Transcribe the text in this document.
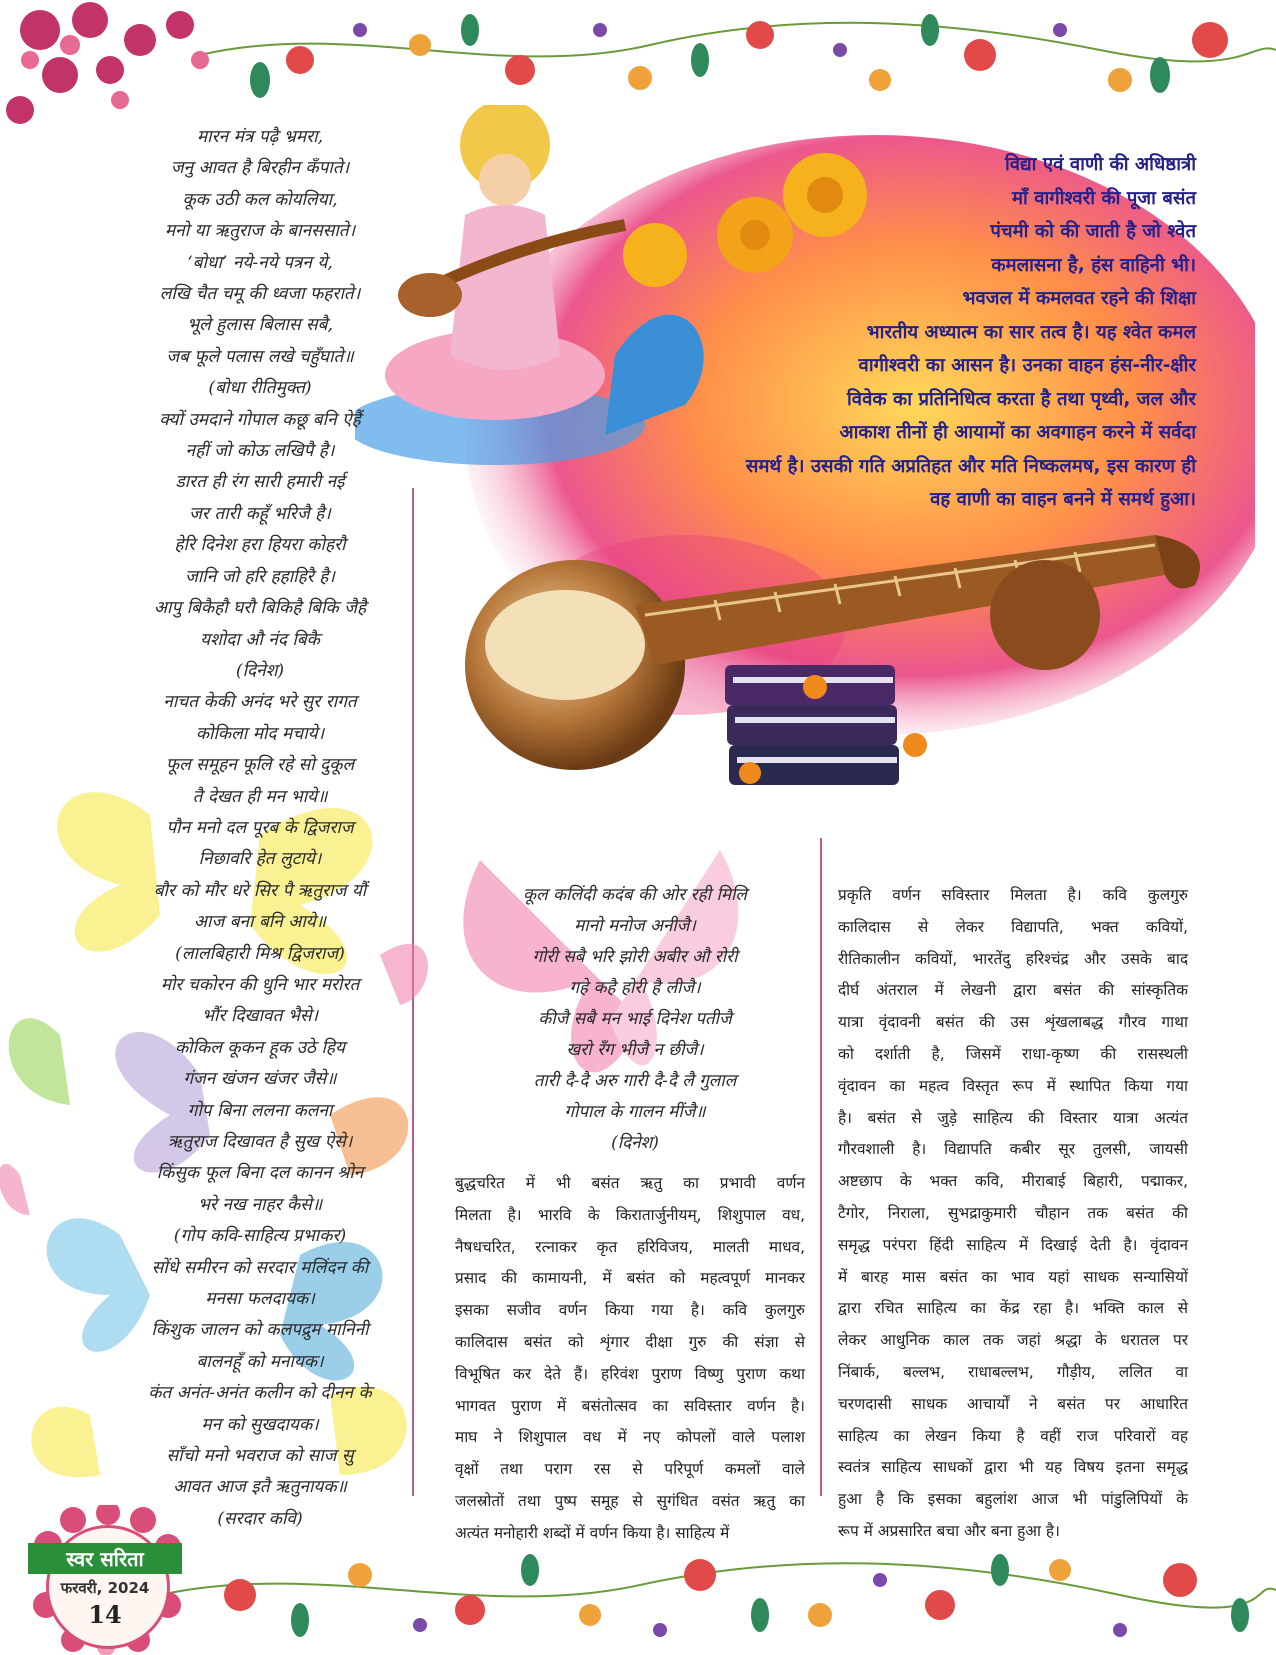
मारन मंत्र पढ़ै भ्रमरा,
जनु आवत है बिरहीन कँपाते।
कूक उठी कल कोयलिया,
मनो या ऋतुराज के बानससाते।
‘बोधा’ नये-नये पत्रन ये,
लखि चैत चमू की ध्वजा फहराते।
भूले हुलास बिलास सबै,
जब फूले पलास लखे चहुँघाते॥
(बोधा रीतिमुक्त)
क्यों उमदाने गोपाल कछू बनि ऐहैं
नहीं जो कोऊ लखिपै है।
डारत ही रंग सारी हमारी नई
जर तारी कहूँ भरिजै है।
हेरि दिनेश हरा हियरा कोहरौ
जानि जो हरि हहाहिरै है।
आपु बिकैहौ घरौ बिकिहै बिकि जैहै
यशोदा औ नंद बिकै
(दिनेश)
नाचत केकी अनंद भरे सुर रागत
कोकिला मोद मचाये।
फूल समूहन फूलि रहे सो दुकूल
तै देखत ही मन भाये॥
पौन मनो दल पूरब के द्विजराज
निछावरि हेत लुटाये।
बौर को मौर धरे सिर पै ऋतुराज यौं
आज बना बनि आये॥
(लालबिहारी मिश्र द्विजराज)
मोर चकोरन की धुनि भार मरोरत
भौंर दिखावत भैसे।
कोकिल कूकन हूक उठे हिय
गंजन खंजन खंजर जैसे॥
गोप बिना ललना कलना
ऋतुराज दिखावत है सुख ऐसे।
किंसुक फूल बिना दल कानन श्रोन
भरे नख नाहर कैसे॥
(गोप कवि-साहित्य प्रभाकर)
सोंधे समीरन को सरदार मलिंदन की
मनसा फलदायक।
किंशुक जालन को कलपद्रुम मानिनी
बालनहूँ को मनायक।
कंत अनंत-अनंत कलीन को दीनन के
मन को सुखदायक।
साँचो मनो भवराज को साज सु
आवत आज इतै ऋतुनायक॥
(सरदार कवि)
विद्या एवं वाणी की अधिष्ठात्री
माँ वागीश्वरी की पूजा बसंत
पंचमी को की जाती है जो श्वेत
कमलासना है, हंस वाहिनी भी।
भवजल में कमलवत रहने की शिक्षा
भारतीय अध्यात्म का सार तत्व है। यह श्वेत कमल
वागीश्वरी का आसन है। उनका वाहन हंस-नीर-क्षीर
विवेक का प्रतिनिधित्व करता है तथा पृथ्वी, जल और
आकाश तीनों ही आयामों का अवगाहन करने में सर्वदा
समर्थ है। उसकी गति अप्रतिहत और मति निष्कलमष, इस कारण ही
वह वाणी का वाहन बनने में समर्थ हुआ।
कूल कलिंदी कदंब की ओर रही मिलि
मानो मनोज अनीजै।
गोरी सबै भरि झोरी अबीर औ रोरी
गहे कहै होरी है लीजै।
कीजै सबै मन भाई दिनेश पतीजै
खरो रँग भीजै न छीजै।
तारी दै-दै अरु गारी दै-दै लै गुलाल
गोपाल के गालन मींजै॥
(दिनेश)
बुद्धचरित में भी बसंत ऋतु का प्रभावी वर्णन
मिलता है। भारवि के किरातार्जुनीयम्, शिशुपाल वध,
नैषधचरित, रत्नाकर कृत हरिविजय, मालती माधव,
प्रसाद की कामायनी, में बसंत को महत्वपूर्ण मानकर
इसका सजीव वर्णन किया गया है। कवि कुलगुरु
कालिदास बसंत को शृंगार दीक्षा गुरु की संज्ञा से
विभूषित कर देते हैं। हरिवंश पुराण विष्णु पुराण कथा
भागवत पुराण में बसंतोत्सव का सविस्तार वर्णन है।
माघ ने शिशुपाल वध में नए कोपलों वाले पलाश
वृक्षों तथा पराग रस से परिपूर्ण कमलों वाले
जलस्रोतों तथा पुष्प समूह से सुगंधित वसंत ऋतु का
अत्यंत मनोहारी शब्दों में वर्णन किया है। साहित्य में
प्रकृति वर्णन सविस्तार मिलता है। कवि कुलगुरु
कालिदास से लेकर विद्यापति, भक्त कवियों,
रीतिकालीन कवियों, भारतेंदु हरिश्चंद्र और उसके बाद
दीर्घ अंतराल में लेखनी द्वारा बसंत की सांस्कृतिक
यात्रा वृंदावनी बसंत की उस शृंखलाबद्ध गौरव गाथा
को दर्शाती है, जिसमें राधा-कृष्ण की रासस्थली
वृंदावन का महत्व विस्तृत रूप में स्थापित किया गया
है। बसंत से जुड़े साहित्य की विस्तार यात्रा अत्यंत
गौरवशाली है। विद्यापति कबीर सूर तुलसी, जायसी
अष्टछाप के भक्त कवि, मीराबाई बिहारी, पद्माकर,
टैगोर, निराला, सुभद्राकुमारी चौहान तक बसंत की
समृद्ध परंपरा हिंदी साहित्य में दिखाई देती है। वृंदावन
में बारह मास बसंत का भाव यहां साधक सन्यासियों
द्वारा रचित साहित्य का केंद्र रहा है। भक्ति काल से
लेकर आधुनिक काल तक जहां श्रद्धा के धरातल पर
निंबार्क, बल्लभ, राधाबल्लभ, गौड़ीय, ललित वा
चरणदासी साधक आचार्यों ने बसंत पर आधारित
साहित्य का लेखन किया है वहीं राज परिवारों वह
स्वतंत्र साहित्य साधकों द्वारा भी यह विषय इतना समृद्ध
हुआ है कि इसका बहुलांश आज भी पांडुलिपियों के
रूप में अप्रसारित बचा और बना हुआ है।
स्वर सरिता
फरवरी, 2024
14
